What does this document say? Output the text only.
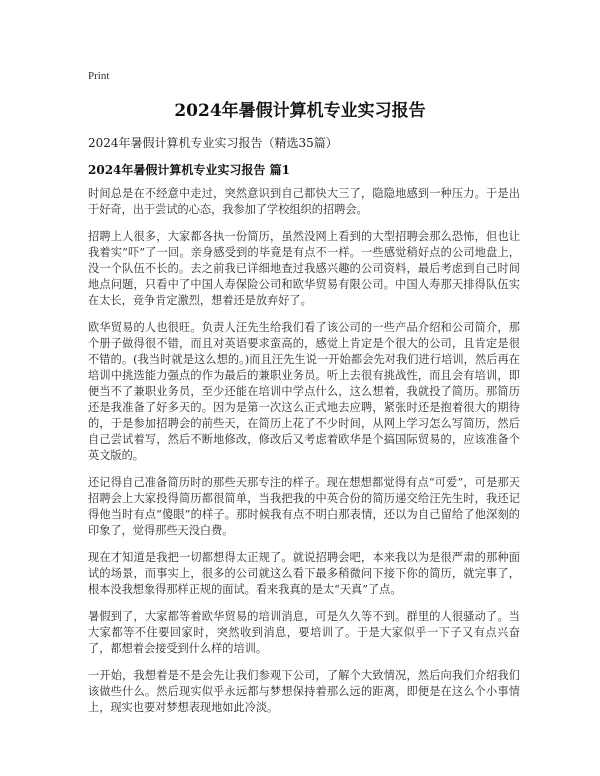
Print
2024年暑假计算机专业实习报告
2024年暑假计算机专业实习报告（精选35篇）
2024年暑假计算机专业实习报告 篇1

时间总是在不经意中走过，突然意识到自己都快大三了，隐隐地感到一种压力。于是出于好奇，出于尝试的心态，我参加了学校组织的招聘会。

招聘上人很多，大家都各执一份简历，虽然没网上看到的大型招聘会那么恐怖，但也让我着实“吓”了一回。亲身感受到的毕竟是有点不一样。一些感觉稍好点的公司地盘上，没一个队伍不长的。去之前我已详细地查过我感兴趣的公司资料，最后考虑到自己时间地点问题，只看中了中国人寿保险公司和欧华贸易有限公司。中国人寿那天排得队伍实在太长，竞争肯定激烈，想着还是放弃好了。

欧华贸易的人也很旺。负责人汪先生给我们看了该公司的一些产品介绍和公司简介，那个册子做得很不错，而且对英语要求蛮高的，感觉上肯定是个很大的公司，且肯定是很不错的。(我当时就是这么想的。)而且汪先生说一开始都会先对我们进行培训，然后再在培训中挑选能力强点的作为最后的兼职业务员。听上去很有挑战性，而且会有培训，即便当不了兼职业务员，至少还能在培训中学点什么，这么想着，我就投了简历。那简历还是我准备了好多天的。因为是第一次这么正式地去应聘，紧张时还是抱着很大的期待的，于是参加招聘会的前些天，在简历上花了不少时间，从网上学习怎么写简历，然后自己尝试着写，然后不断地修改，修改后又考虑着欧华是个搞国际贸易的，应该准备个英文版的。

还记得自己准备简历时的那些天那专注的样子。现在想想都觉得有点“可爱”，可是那天招聘会上大家投得简历都很简单，当我把我的中英合份的简历递交给汪先生时，我还记得他当时有点“傻眼”的样子。那时候我有点不明白那表情，还以为自己留给了他深刻的印象了，觉得那些天没白费。

现在才知道是我把一切都想得太正规了。就说招聘会吧，本来我以为是很严肃的那种面试的场景，而事实上，很多的公司就这么看下最多稍微问下接下你的简历，就完事了，根本没我想象得那样正规的面试。看来我真的是太“天真”了点。

暑假到了，大家都等着欧华贸易的培训消息，可是久久等不到。群里的人很骚动了。当大家都等不住要回家时，突然收到消息，要培训了。于是大家似乎一下子又有点兴奋了，都想着会接受到什么样的培训。

一开始，我想着是不是会先让我们参观下公司，了解个大致情况，然后向我们介绍我们该做些什么。然后现实似乎永远都与梦想保持着那么远的距离，即便是在这么个小事情上，现实也要对梦想表现地如此冷淡。
